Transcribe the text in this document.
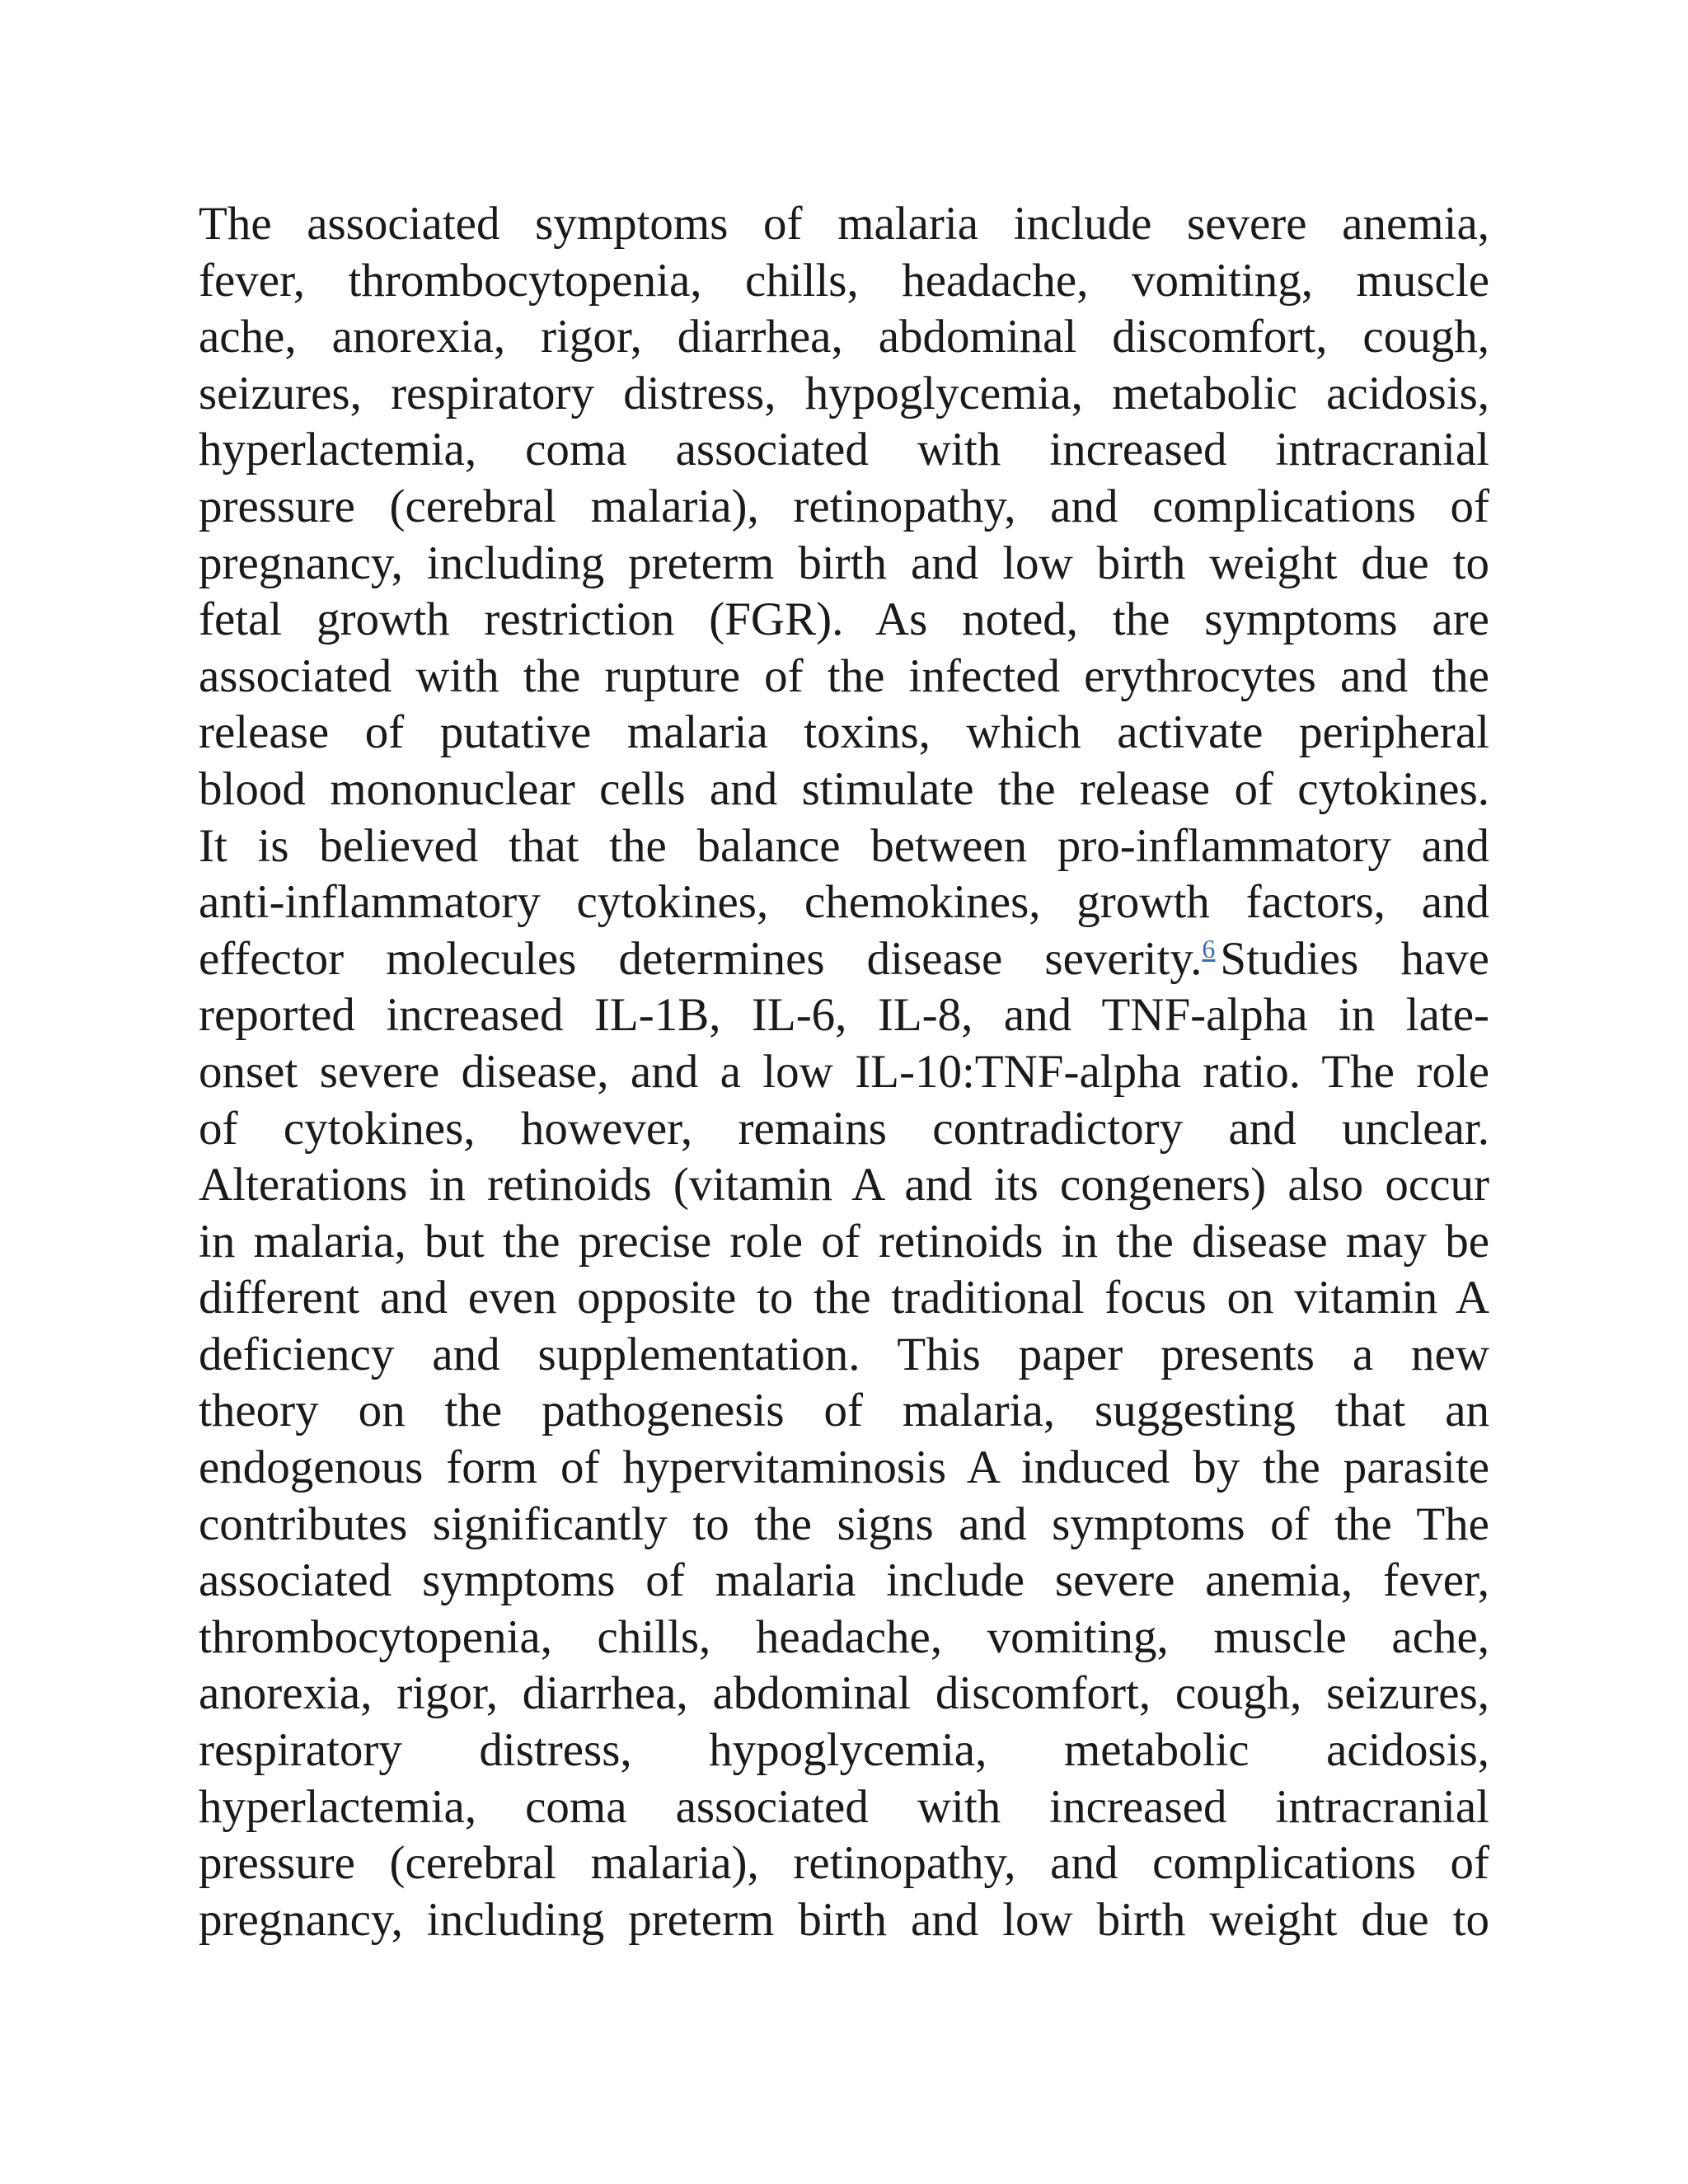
The associated symptoms of malaria include severe anemia,
fever, thrombocytopenia, chills, headache, vomiting, muscle
ache, anorexia, rigor, diarrhea, abdominal discomfort, cough,
seizures, respiratory distress, hypoglycemia, metabolic acidosis,
hyperlactemia, coma associated with increased intracranial
pressure (cerebral malaria), retinopathy, and complications of
pregnancy, including preterm birth and low birth weight due to
fetal growth restriction (FGR). As noted, the symptoms are
associated with the rupture of the infected erythrocytes and the
release of putative malaria toxins, which activate peripheral
blood mononuclear cells and stimulate the release of cytokines.
It is believed that the balance between pro-inflammatory and
anti-inflammatory cytokines, chemokines, growth factors, and
effector molecules determines disease severity.$^6$ Studies have
reported increased IL-1B, IL-6, IL-8, and TNF-alpha in late-
onset severe disease, and a low IL-10:TNF-alpha ratio. The role
of cytokines, however, remains contradictory and unclear.
Alterations in retinoids (vitamin A and its congeners) also occur
in malaria, but the precise role of retinoids in the disease may be
different and even opposite to the traditional focus on vitamin A
deficiency and supplementation. This paper presents a new
theory on the pathogenesis of malaria, suggesting that an
endogenous form of hypervitaminosis A induced by the parasite
contributes significantly to the signs and symptoms of the The
associated symptoms of malaria include severe anemia, fever,
thrombocytopenia, chills, headache, vomiting, muscle ache,
anorexia, rigor, diarrhea, abdominal discomfort, cough, seizures,
respiratory distress, hypoglycemia, metabolic acidosis,
hyperlactemia, coma associated with increased intracranial
pressure (cerebral malaria), retinopathy, and complications of
pregnancy, including preterm birth and low birth weight due to
